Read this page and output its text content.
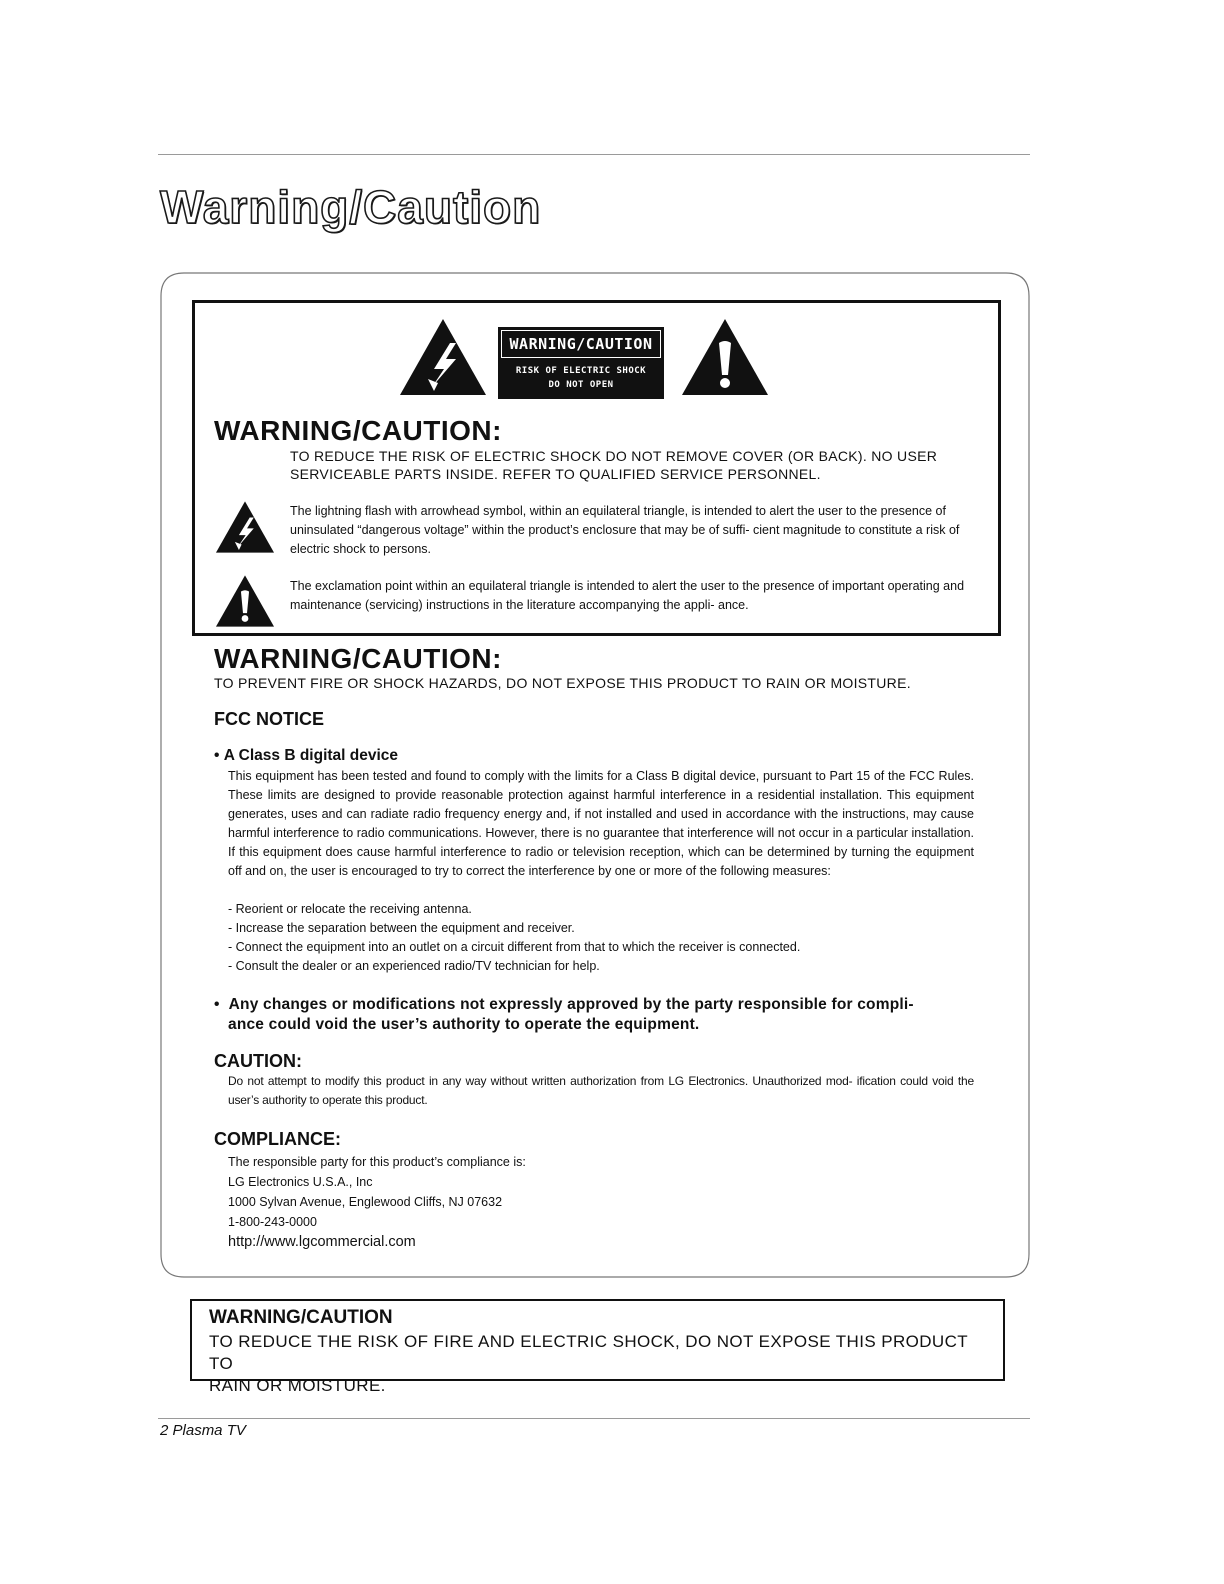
Warning/Caution
WARNING/CAUTION
RISK OF ELECTRIC SHOCK
DO NOT OPEN
WARNING/CAUTION:
TO REDUCE THE RISK OF ELECTRIC SHOCK DO NOT REMOVE COVER (OR BACK). NO USER
SERVICEABLE PARTS INSIDE. REFER TO QUALIFIED SERVICE PERSONNEL.
The lightning flash with arrowhead symbol, within an equilateral triangle, is intended to alert the user to the presence of uninsulated “dangerous voltage” within the product’s enclosure that may be of suffi- cient magnitude to constitute a risk of electric shock to persons.
The exclamation point within an equilateral triangle is intended to alert the user to the presence of important operating and maintenance (servicing) instructions in the literature accompanying the appli- ance.
WARNING/CAUTION:
TO PREVENT FIRE OR SHOCK HAZARDS, DO NOT EXPOSE THIS PRODUCT TO RAIN OR MOISTURE.
FCC NOTICE
• A Class B digital device
This equipment has been tested and found to comply with the limits for a Class B digital device, pursuant to Part 15 of the FCC Rules. These limits are designed to provide reasonable protection against harmful interference in a residential installation. This equipment generates, uses and can radiate radio frequency energy and, if not installed and used in accordance with the instructions, may cause harmful interference to radio communications. However, there is no guarantee that interference will not occur in a particular installation. If this equipment does cause harmful interference to radio or television reception, which can be determined by turning the equipment off and on, the user is encouraged to try to correct the interference by one or more of the following measures:
- Reorient or relocate the receiving antenna.
- Increase the separation between the equipment and receiver.
- Connect the equipment into an outlet on a circuit different from that to which the receiver is connected.
- Consult the dealer or an experienced radio/TV technician for help.
•  Any changes or modifications not expressly approved by the party responsible for compli-
ance could void the user’s authority to operate the equipment.
CAUTION:
Do not attempt to modify this product in any way without written authorization from LG Electronics. Unauthorized mod- ification could void the user’s authority to operate this product.
COMPLIANCE:
The responsible party for this product’s compliance is:
LG Electronics U.S.A., Inc
1000 Sylvan Avenue, Englewood Cliffs, NJ 07632
1-800-243-0000
http://www.lgcommercial.com
WARNING/CAUTION
TO REDUCE THE RISK OF FIRE AND ELECTRIC SHOCK, DO NOT EXPOSE THIS PRODUCT TO
RAIN OR MOISTURE.
2 Plasma TV
